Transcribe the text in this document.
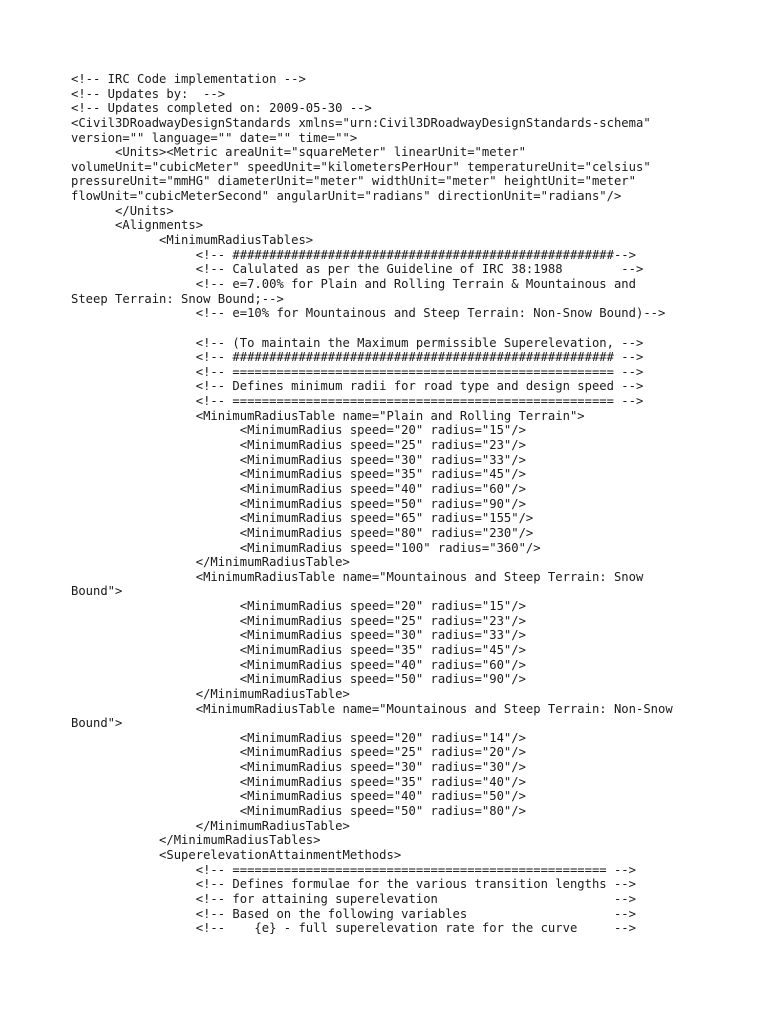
<!-- IRC Code implementation -->
<!-- Updates by:  -->
<!-- Updates completed on: 2009-05-30 -->
<Civil3DRoadwayDesignStandards xmlns="urn:Civil3DRoadwayDesignStandards-schema"
version="" language="" date="" time="">
<Units><Metric areaUnit="squareMeter" linearUnit="meter"
volumeUnit="cubicMeter" speedUnit="kilometersPerHour" temperatureUnit="celsius"
pressureUnit="mmHG" diameterUnit="meter" widthUnit="meter" heightUnit="meter"
flowUnit="cubicMeterSecond" angularUnit="radians" directionUnit="radians"/>
</Units>
<Alignments>
<MinimumRadiusTables>
<!-- ####################################################-->
<!-- Calulated as per the Guideline of IRC 38:1988        -->
<!-- e=7.00% for Plain and Rolling Terrain & Mountainous and
Steep Terrain: Snow Bound;-->
<!-- e=10% for Mountainous and Steep Terrain: Non-Snow Bound)-->
<!-- (To maintain the Maximum permissible Superelevation, -->
<!-- #################################################### -->
<!-- ==================================================== -->
<!-- Defines minimum radii for road type and design speed -->
<!-- ==================================================== -->
<MinimumRadiusTable name="Plain and Rolling Terrain">
<MinimumRadius speed="20" radius="15"/>
<MinimumRadius speed="25" radius="23"/>
<MinimumRadius speed="30" radius="33"/>
<MinimumRadius speed="35" radius="45"/>
<MinimumRadius speed="40" radius="60"/>
<MinimumRadius speed="50" radius="90"/>
<MinimumRadius speed="65" radius="155"/>
<MinimumRadius speed="80" radius="230"/>
<MinimumRadius speed="100" radius="360"/>
</MinimumRadiusTable>
<MinimumRadiusTable name="Mountainous and Steep Terrain: Snow
Bound">
<MinimumRadius speed="20" radius="15"/>
<MinimumRadius speed="25" radius="23"/>
<MinimumRadius speed="30" radius="33"/>
<MinimumRadius speed="35" radius="45"/>
<MinimumRadius speed="40" radius="60"/>
<MinimumRadius speed="50" radius="90"/>
</MinimumRadiusTable>
<MinimumRadiusTable name="Mountainous and Steep Terrain: Non-Snow
Bound">
<MinimumRadius speed="20" radius="14"/>
<MinimumRadius speed="25" radius="20"/>
<MinimumRadius speed="30" radius="30"/>
<MinimumRadius speed="35" radius="40"/>
<MinimumRadius speed="40" radius="50"/>
<MinimumRadius speed="50" radius="80"/>
</MinimumRadiusTable>
</MinimumRadiusTables>
<SuperelevationAttainmentMethods>
<!-- =================================================== -->
<!-- Defines formulae for the various transition lengths -->
<!-- for attaining superelevation                        -->
<!-- Based on the following variables                    -->
<!--    {e} - full superelevation rate for the curve     -->
